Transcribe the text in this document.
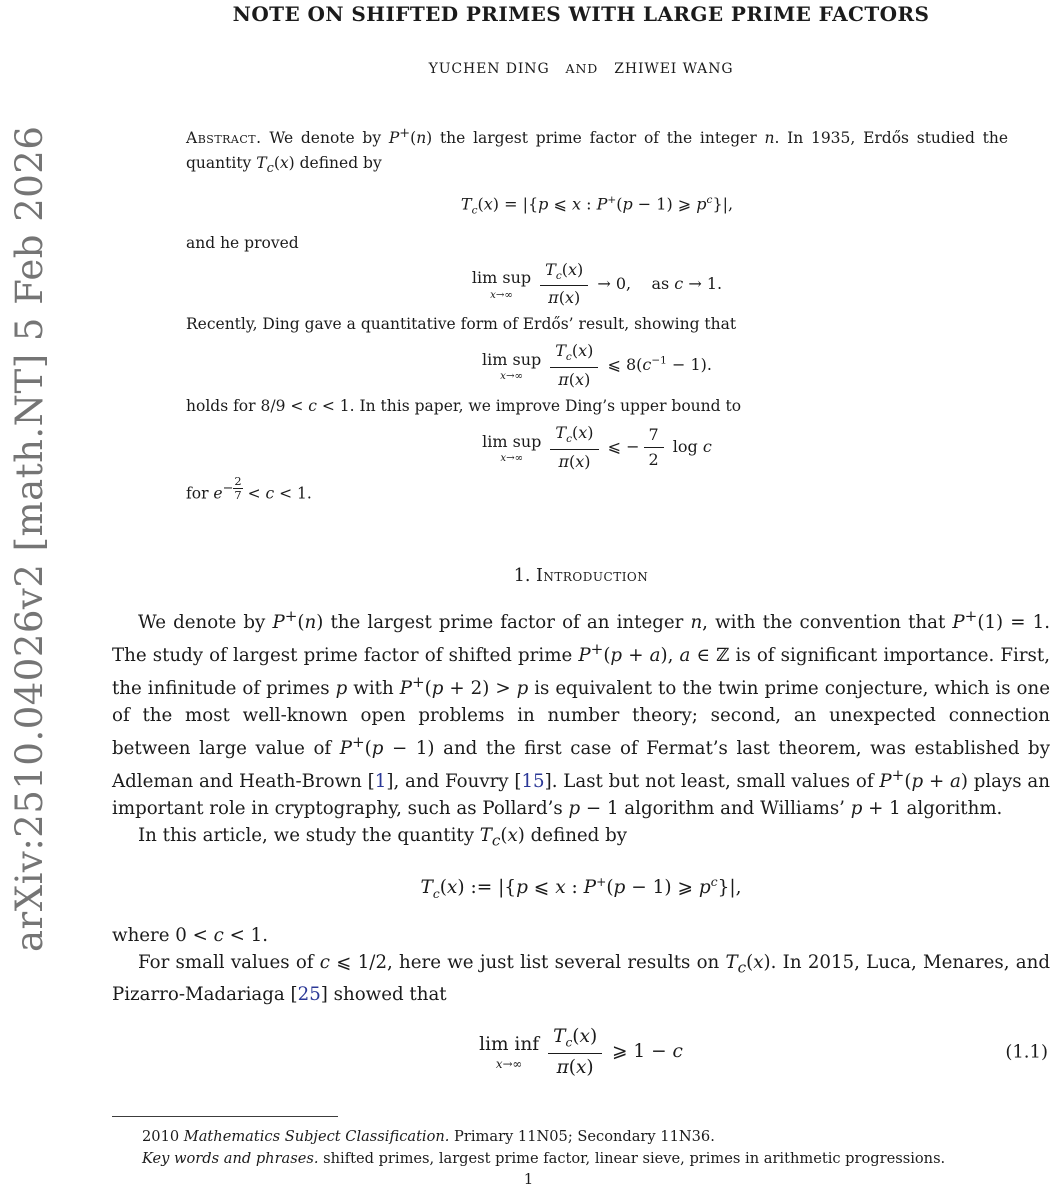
arXiv:2510.04026v2 [math.NT] 5 Feb 2026
NOTE ON SHIFTED PRIMES WITH LARGE PRIME FACTORS
YUCHEN DING AND ZHIWEI WANG

Abstract. We denote by P+(n) the largest prime factor of the integer n. In 1935, Erdős studied the quantity $T_c(x)$ defined by

$T_c(x) = |\{p$ ⩽ x : P+(p − 1) ⩾ $p^c\}|$,

and he proved

lim sup
$x\to\infty \frac{T_c(x)}{\pi(x)} \to 0$,    as c → 1.

Recently, Ding gave a quantitative form of Erdős’ result, showing that

lim sup
$x\to\infty \frac{T_c(x)}{\pi(x)}$ ⩽ $8(c^{-1} - 1)$.

holds for 8/9 < c < 1. In this paper, we improve Ding’s upper bound to

lim sup
$x\to\infty \frac{T_c(x)}{\pi(x)}$ ⩽ − $\frac{7}{2}$ log c

for $e^{- \frac{2}{7}} < c < 1$.

1. Introduction

We denote by P+(n) the largest prime factor of an integer n, with the convention that P+(1) = 1. The study of largest prime factor of shifted prime P+(p + a), a ∈ ℤ is of significant importance. First, the infinitude of primes p with P+(p + 2) > p is equivalent to the twin prime conjecture, which is one of the most well-known open problems in number theory; second, an unexpected connection between large value of P+(p − 1) and the first case of Fermat’s last theorem, was established by Adleman and Heath-Brown [1], and Fouvry [15]. Last but not least, small values of P+(p + a) plays an important role in cryptography, such as Pollard’s p − 1 algorithm and Williams’ p + 1 algorithm.

In this article, we study the quantity $T_c(x)$ defined by

$T_c(x)$ := |{p ⩽ x : P+(p − 1) ⩾ $p^c\}|$,

where 0 < c < 1.

For small values of c ⩽ 1/2, here we just list several results on $T_c(x)$. In 2015, Luca, Menares, and Pizarro-Madariaga [25] showed that

lim inf
$x\to\infty \frac{T_c(x)}{\pi(x)}$ ⩾ 1 − c	(1.1)

2010 Mathematics Subject Classification. Primary 11N05; Secondary 11N36.

Key words and phrases. shifted primes, largest prime factor, linear sieve, primes in arithmetic progressions.

1
